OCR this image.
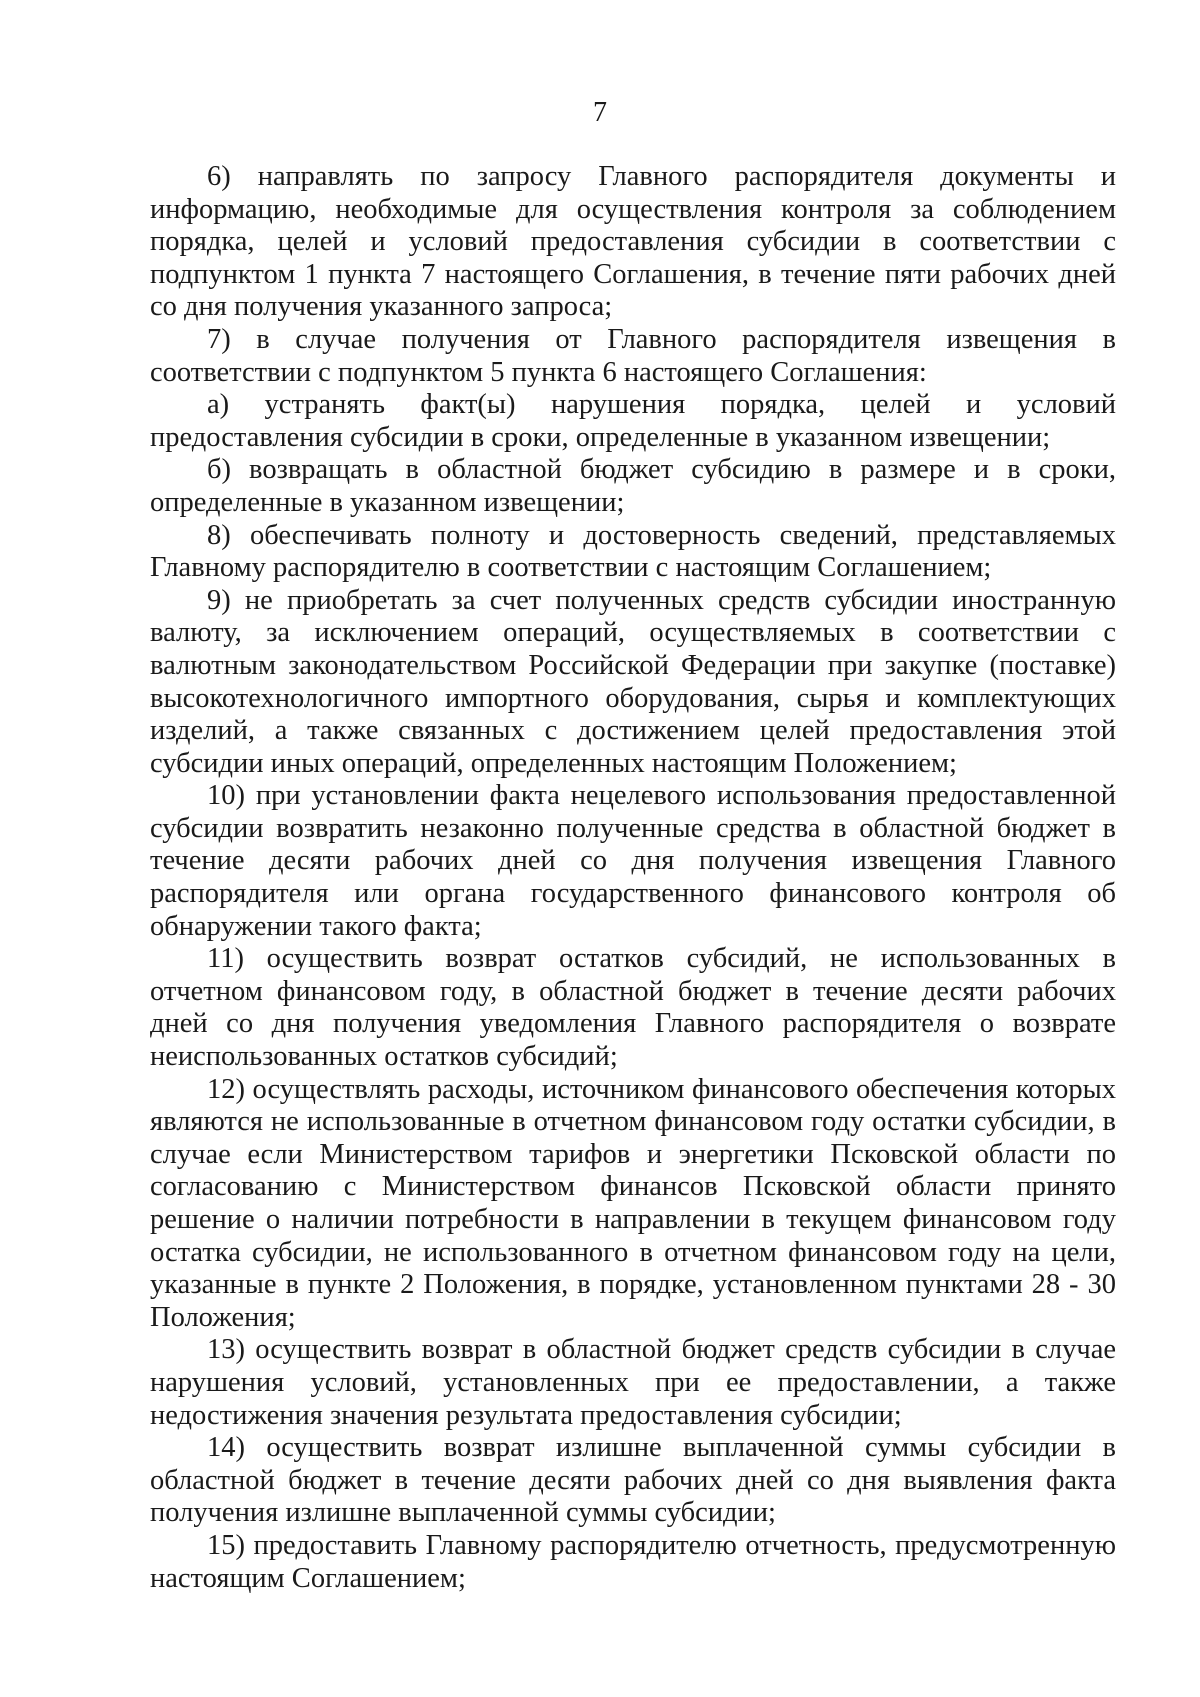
7

6) направлять по запросу Главного распорядителя документы и информацию, необходимые для осуществления контроля за соблюдением порядка, целей и условий предоставления субсидии в соответствии с подпунктом 1 пункта 7 настоящего Соглашения, в течение пяти рабочих дней со дня получения указанного запроса;

7) в случае получения от Главного распорядителя извещения в соответствии с подпунктом 5 пункта 6 настоящего Соглашения:

а) устранять факт(ы) нарушения порядка, целей и условий предоставления субсидии в сроки, определенные в указанном извещении;

б) возвращать в областной бюджет субсидию в размере и в сроки, определенные в указанном извещении;

8) обеспечивать полноту и достоверность сведений, представляемых Главному распорядителю в соответствии с настоящим Соглашением;

9) не приобретать за счет полученных средств субсидии иностранную валюту, за исключением операций, осуществляемых в соответствии с валютным законодательством Российской Федерации при закупке (поставке) высокотехнологичного импортного оборудования, сырья и комплектующих изделий, а также связанных с достижением целей предоставления этой субсидии иных операций, определенных настоящим Положением;

10) при установлении факта нецелевого использования предоставленной субсидии возвратить незаконно полученные средства в областной бюджет в течение десяти рабочих дней со дня получения извещения Главного распорядителя или органа государственного финансового контроля об обнаружении такого факта;

11) осуществить возврат остатков субсидий, не использованных в отчетном финансовом году, в областной бюджет в течение десяти рабочих дней со дня получения уведомления Главного распорядителя о возврате неиспользованных остатков субсидий;

12) осуществлять расходы, источником финансового обеспечения которых являются не использованные в отчетном финансовом году остатки субсидии, в случае если Министерством тарифов и энергетики Псковской области по согласованию с Министерством финансов Псковской области принято решение о наличии потребности в направлении в текущем финансовом году остатка субсидии, не использованного в отчетном финансовом году на цели, указанные в пункте 2 Положения, в порядке, установленном пунктами 28 - 30 Положения;

13) осуществить возврат в областной бюджет средств субсидии в случае нарушения условий, установленных при ее предоставлении, а также недостижения значения результата предоставления субсидии;

14) осуществить возврат излишне выплаченной суммы субсидии в областной бюджет в течение десяти рабочих дней со дня выявления факта получения излишне выплаченной суммы субсидии;

15) предоставить Главному распорядителю отчетность, предусмотренную настоящим Соглашением;
